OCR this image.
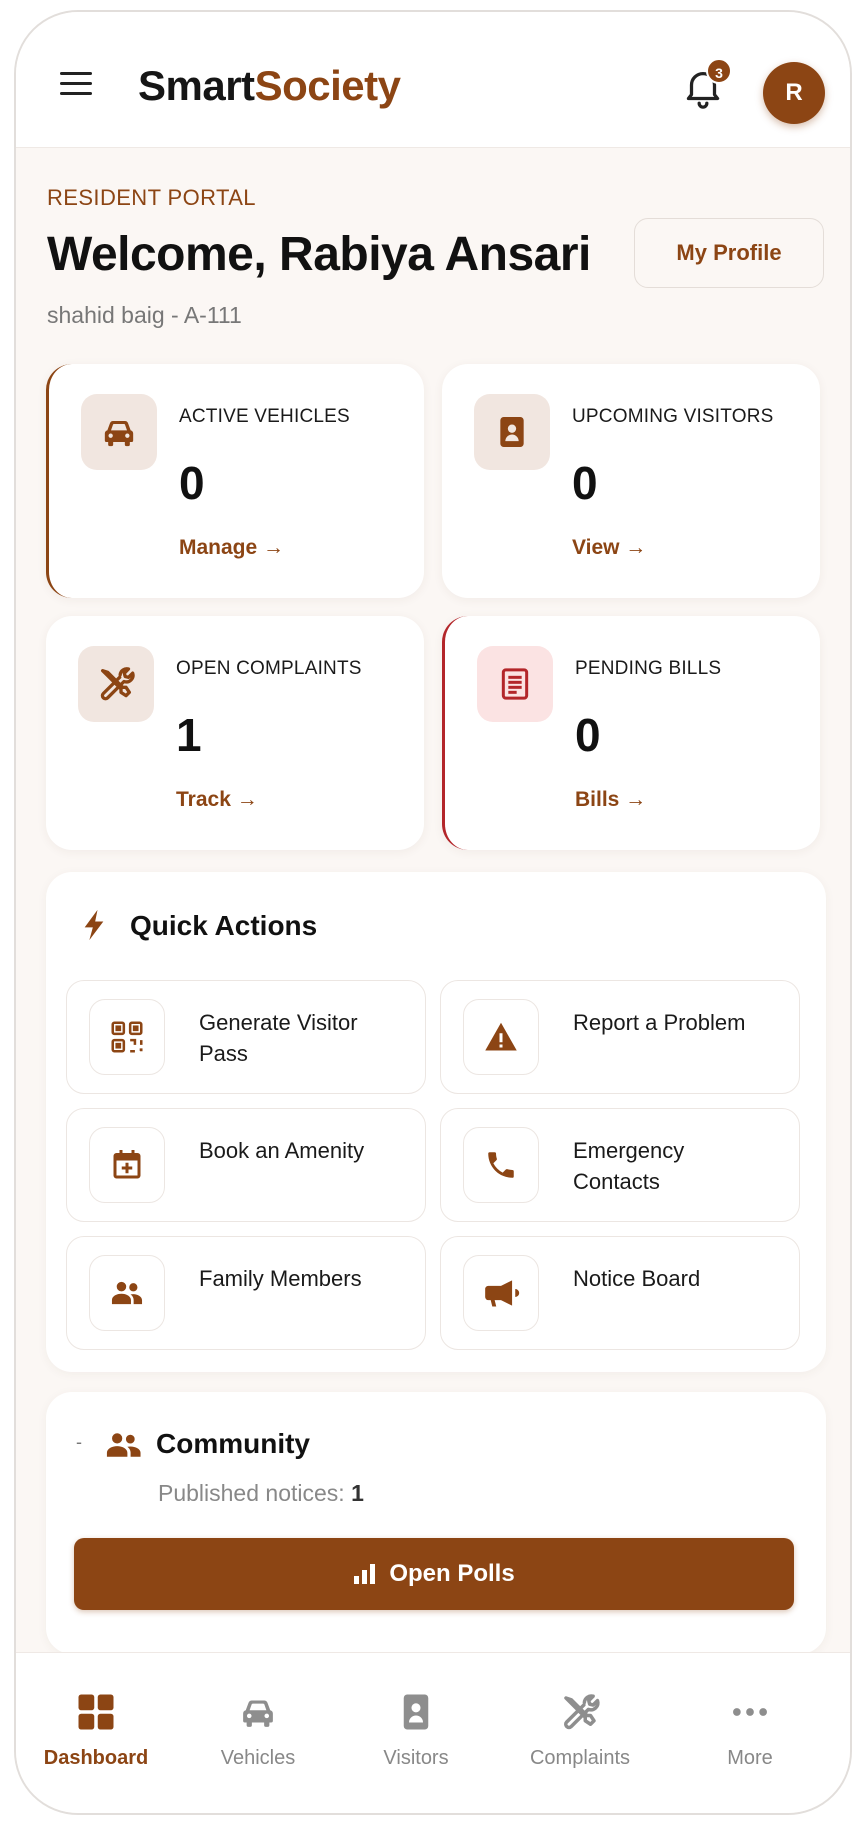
SmartSociety	3
R
RESIDENT PORTAL
Welcome, Rabiya Ansari
shahid baig - A-111
My Profile
ACTIVE VEHICLES
0
Manage →
UPCOMING VISITORS
0
View →
OPEN COMPLAINTS
1
Track →
PENDING BILLS
0
Bills →
Quick Actions
Generate Visitor Pass
Report a Problem
Book an Amenity	Emergency Contacts
Family Members	Notice Board
-	Community
Published notices: 1
Open Polls
Dashboard	Vehicles	Visitors	Complaints	More
